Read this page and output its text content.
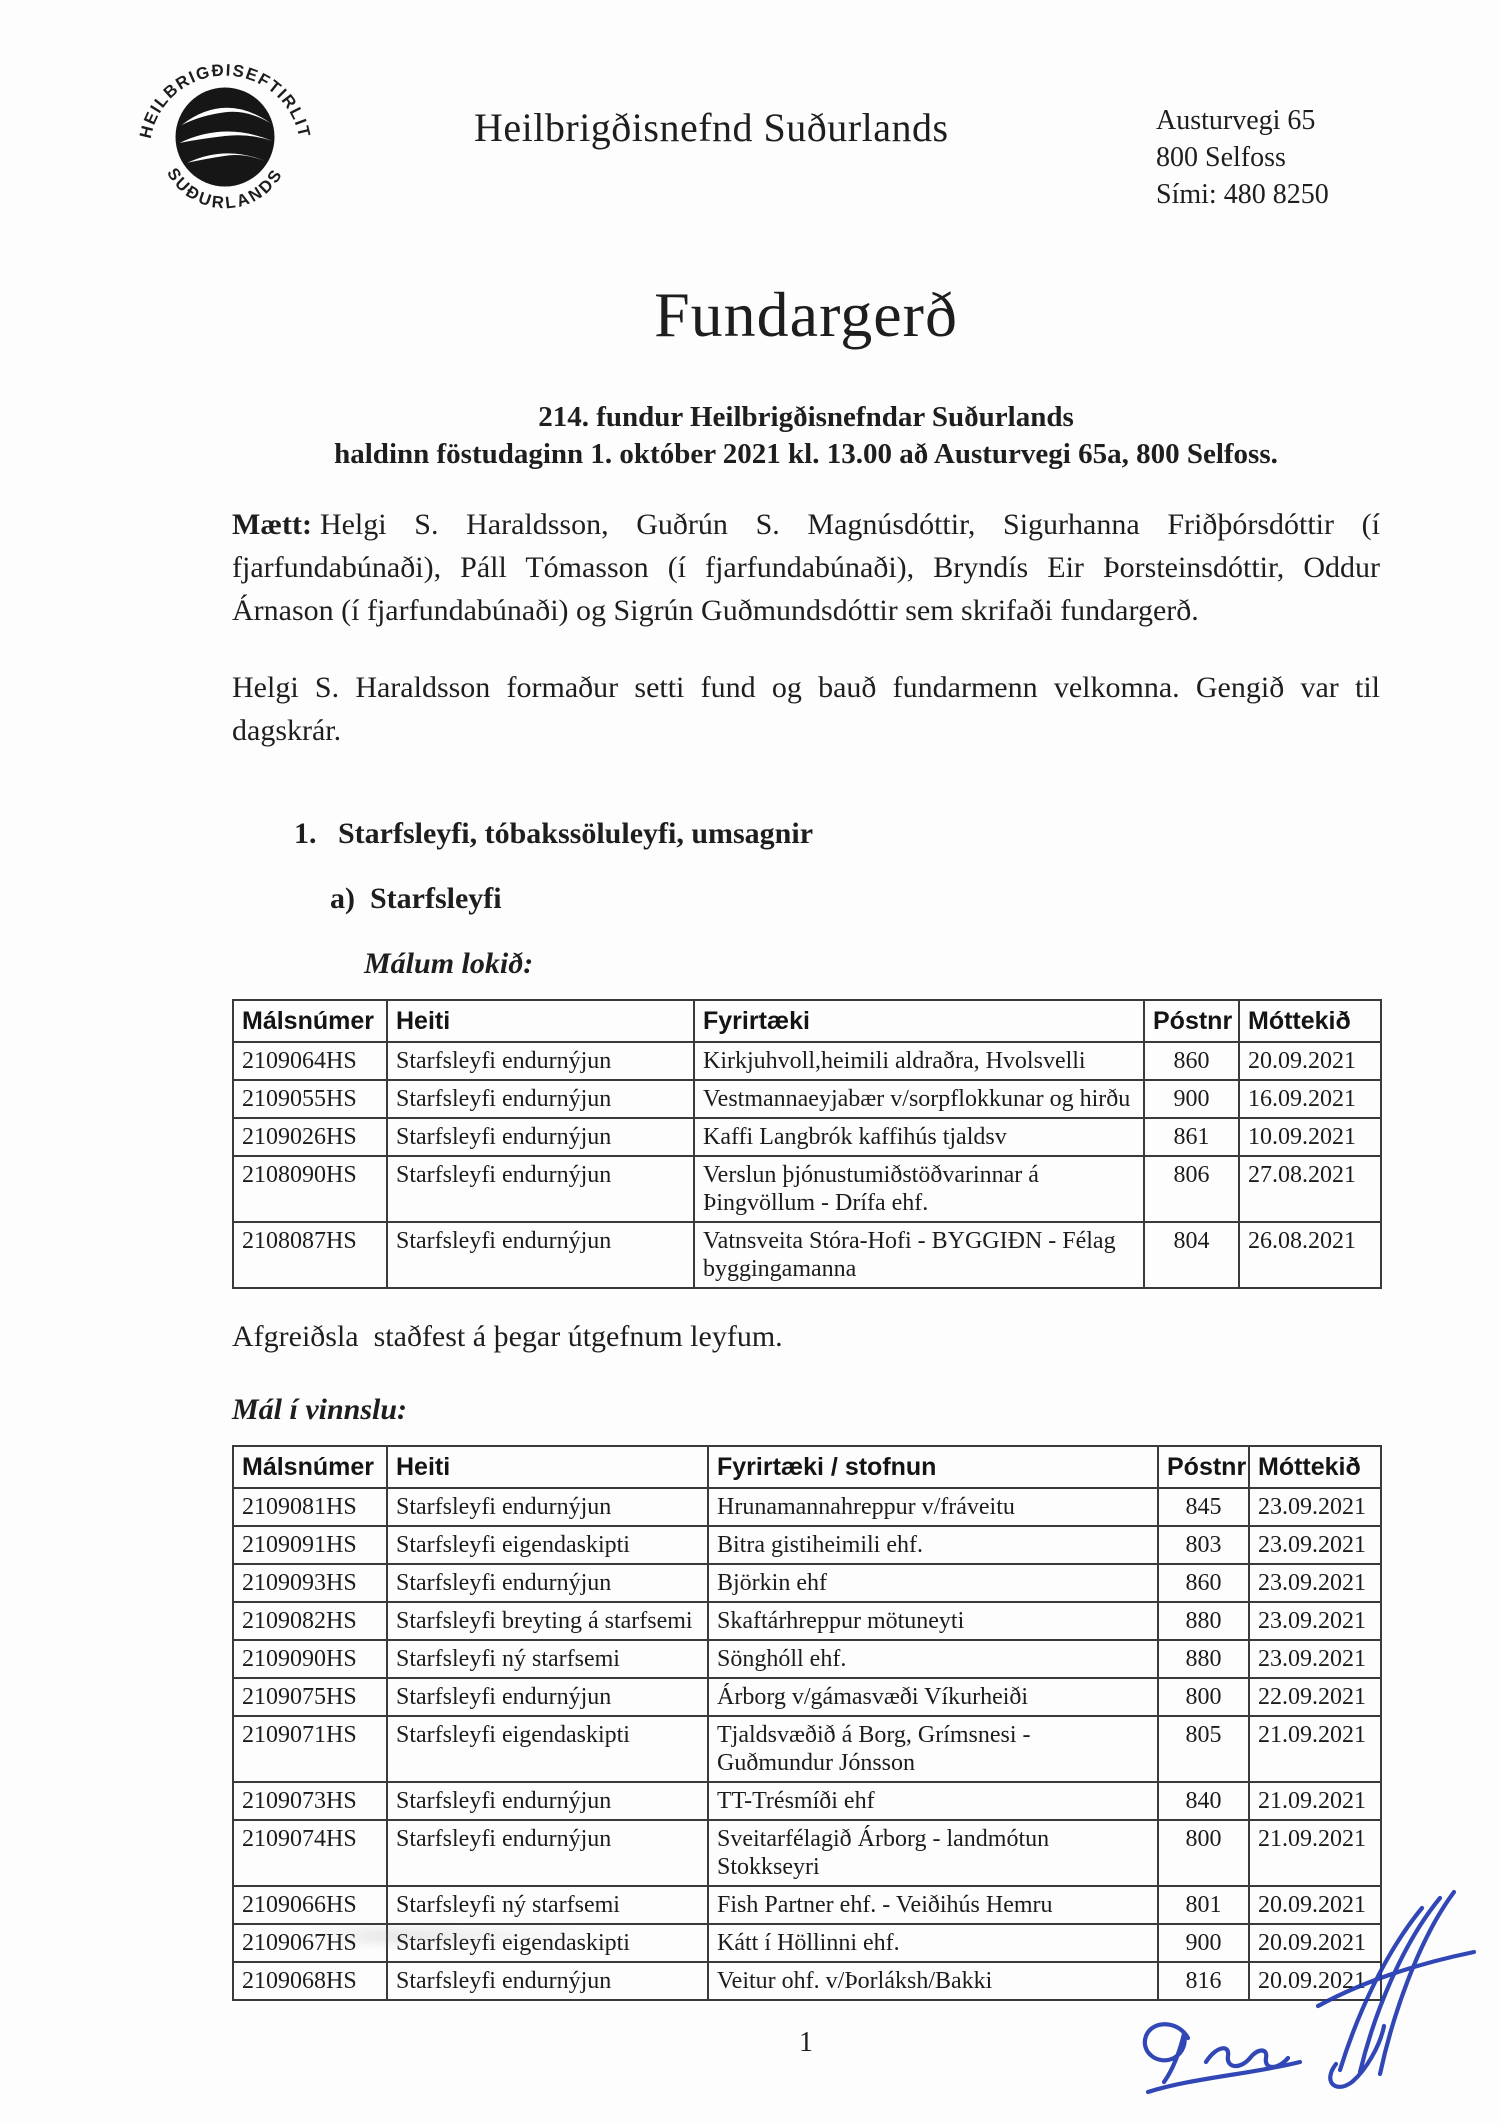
HEILBRIGÐISEFTIRLIT
SUÐURLANDS
Heilbrigðisnefnd Suðurlands	Austurvegi 65
800 Selfoss
Sími: 480 8250
Fundargerð
214. fundur Heilbrigðisnefndar Suðurlands
haldinn föstudaginn 1. október 2021 kl. 13.00 að Austurvegi 65a, 800 Selfoss.
Mætt: Helgi S. Haraldsson, Guðrún S. Magnúsdóttir, Sigurhanna Friðþórsdóttir (í fjarfundabúnaði), Páll Tómasson (í fjarfundabúnaði), Bryndís Eir Þorsteinsdóttir, Oddur Árnason (í fjarfundabúnaði) og Sigrún Guðmundsdóttir sem skrifaði fundargerð.
Helgi S. Haraldsson formaður setti fund og bauð fundarmenn velkomna. Gengið var til dagskrár.
1. Starfsleyfi, tóbakssöluleyfi, umsagnir
a) Starfsleyfi
Málum lokið:
Málsnúmer	Heiti	Fyrirtæki	Póstnr	Móttekið
2109064HS	Starfsleyfi endurnýjun	Kirkjuhvoll,heimili aldraðra, Hvolsvelli	860	20.09.2021
2109055HS	Starfsleyfi endurnýjun	Vestmannaeyjabær v/sorpflokkunar og hirðu	900	16.09.2021
2109026HS	Starfsleyfi endurnýjun	Kaffi Langbrók kaffihús tjaldsv	861	10.09.2021
2108090HS	Starfsleyfi endurnýjun	Verslun þjónustumiðstöðvarinnar á Þingvöllum - Drífa ehf.	806	27.08.2021
2108087HS	Starfsleyfi endurnýjun	Vatnsveita Stóra-Hofi - BYGGIÐN - Félag byggingamanna	804	26.08.2021
Afgreiðsla  staðfest á þegar útgefnum leyfum.
Mál í vinnslu:
Málsnúmer	Heiti	Fyrirtæki / stofnun	Póstnr	Móttekið
2109081HS	Starfsleyfi endurnýjun	Hrunamannahreppur v/fráveitu	845	23.09.2021
2109091HS	Starfsleyfi eigendaskipti	Bitra gistiheimili ehf.	803	23.09.2021
2109093HS	Starfsleyfi endurnýjun	Björkin ehf	860	23.09.2021
2109082HS	Starfsleyfi breyting á starfsemi	Skaftárhreppur mötuneyti	880	23.09.2021
2109090HS	Starfsleyfi ný starfsemi	Sönghóll ehf.	880	23.09.2021
2109075HS	Starfsleyfi endurnýjun	Árborg v/gámasvæði Víkurheiði	800	22.09.2021
2109071HS	Starfsleyfi eigendaskipti	Tjaldsvæðið á Borg, Grímsnesi - Guðmundur Jónsson	805	21.09.2021
2109073HS	Starfsleyfi endurnýjun	TT-Trésmíði ehf	840	21.09.2021
2109074HS	Starfsleyfi endurnýjun	Sveitarfélagið Árborg - landmótun Stokkseyri	800	21.09.2021
2109066HS	Starfsleyfi ný starfsemi	Fish Partner ehf. - Veiðihús Hemru	801	20.09.2021
2109067HS	Starfsleyfi eigendaskipti	Kátt í Höllinni ehf.	900	20.09.2021
2109068HS	Starfsleyfi endurnýjun	Veitur ohf. v/Þorláksh/Bakki	816	20.09.2021
1
